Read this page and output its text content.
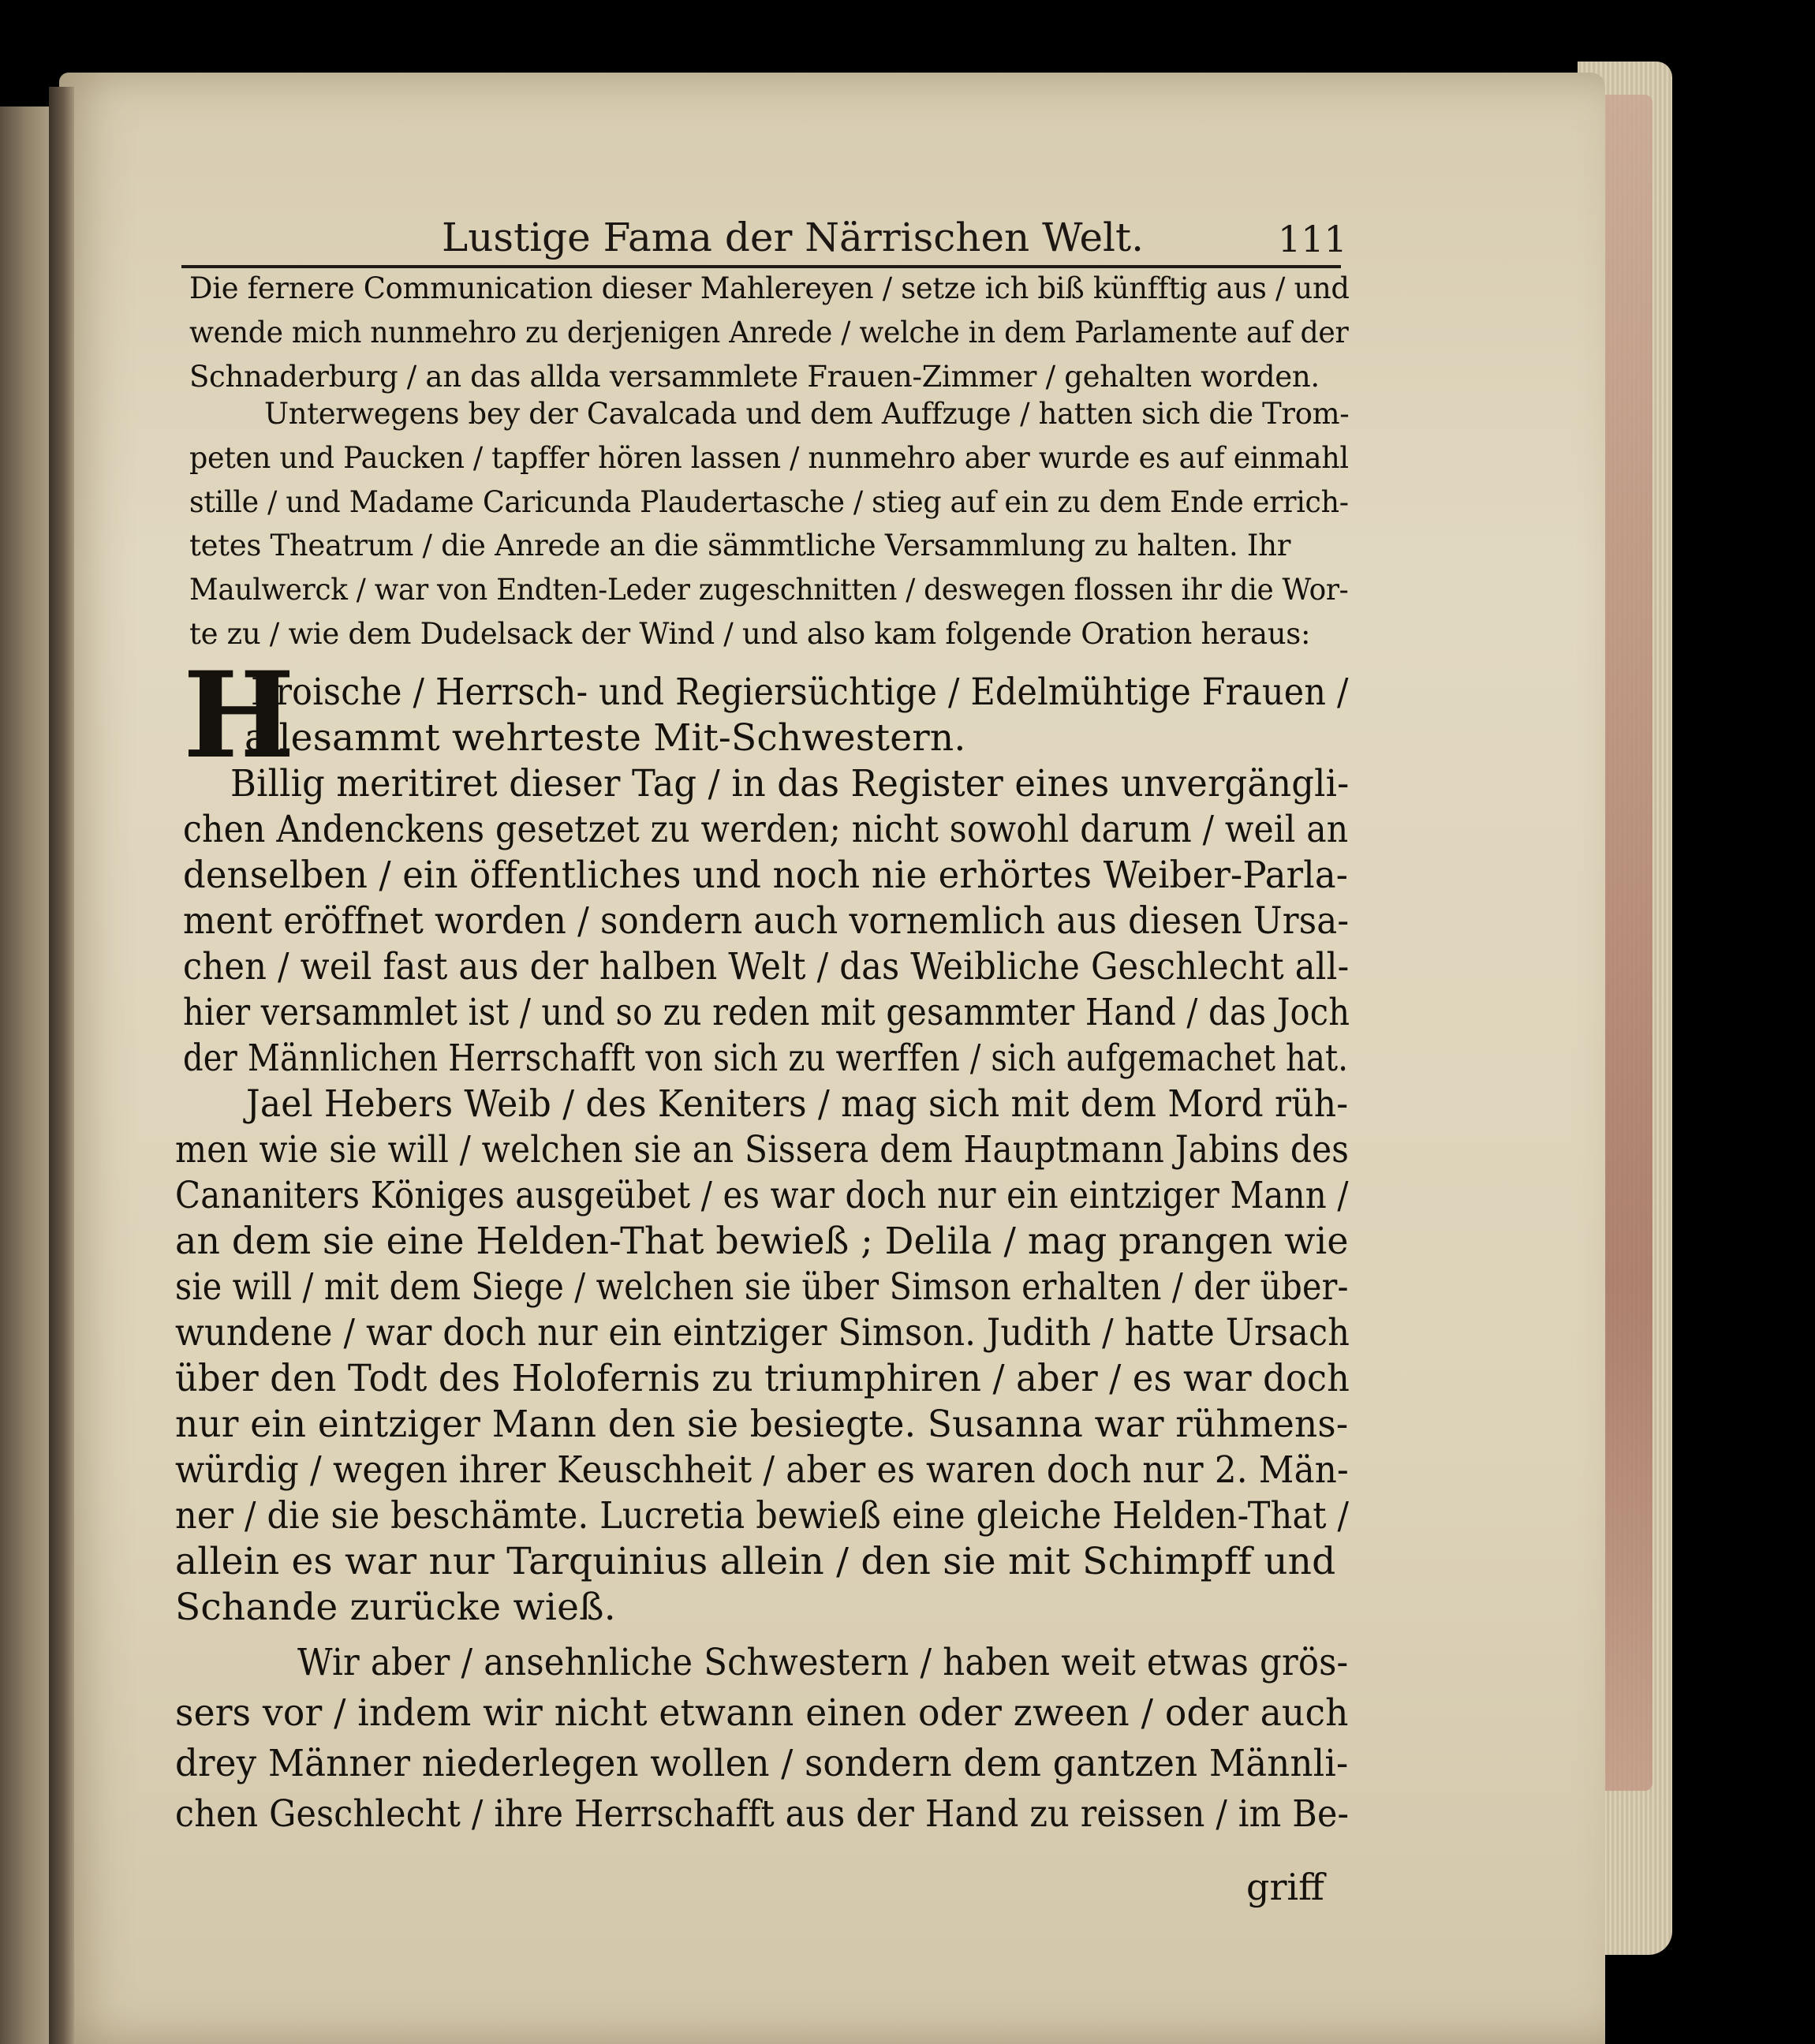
Lustige Fama der Närrischen Welt.	111
Die fernere Communication dieser Mahlereyen / setze ich biß künfftig aus / und
wende mich nunmehro zu derjenigen Anrede / welche in dem Parlamente auf der
Schnaderburg / an das allda versammlete Frauen-Zimmer / gehalten worden.
Unterwegens bey der Cavalcada und dem Auffzuge / hatten sich die Trom-
peten und Paucken / tapffer hören lassen / nunmehro aber wurde es auf einmahl
stille / und Madame Caricunda Plaudertasche / stieg auf ein zu dem Ende errich-
tetes Theatrum / die Anrede an die sämmtliche Versammlung zu halten. Ihr
Maulwerck / war von Endten-Leder zugeschnitten / deswegen flossen ihr die Wor-
te zu / wie dem Dudelsack der Wind / und also kam folgende Oration heraus:
H
Eroische / Herrsch- und Regiersüchtige / Edelmühtige Frauen /
allesammt wehrteste Mit-Schwestern.
Billig meritiret dieser Tag / in das Register eines unvergängli-
chen Andenckens gesetzet zu werden; nicht sowohl darum / weil an
denselben / ein öffentliches und noch nie erhörtes Weiber-Parla-
ment eröffnet worden / sondern auch vornemlich aus diesen Ursa-
chen / weil fast aus der halben Welt / das Weibliche Geschlecht all-
hier versammlet ist / und so zu reden mit gesammter Hand / das Joch
der Männlichen Herrschafft von sich zu werffen / sich aufgemachet hat.
Jael Hebers Weib / des Keniters / mag sich mit dem Mord rüh-
men wie sie will / welchen sie an Sissera dem Hauptmann Jabins des
Cananiters Königes ausgeübet / es war doch nur ein eintziger Mann /
an dem sie eine Helden-That bewieß ; Delila / mag prangen wie
sie will / mit dem Siege / welchen sie über Simson erhalten / der über-
wundene / war doch nur ein eintziger Simson. Judith / hatte Ursach
über den Todt des Holofernis zu triumphiren / aber / es war doch
nur ein eintziger Mann den sie besiegte. Susanna war rühmens-
würdig / wegen ihrer Keuschheit / aber es waren doch nur 2. Män-
ner / die sie beschämte. Lucretia bewieß eine gleiche Helden-That /
allein es war nur Tarquinius allein / den sie mit Schimpff und
Schande zurücke wieß.
Wir aber / ansehnliche Schwestern / haben weit etwas grös-
sers vor / indem wir nicht etwann einen oder zween / oder auch
drey Männer niederlegen wollen / sondern dem gantzen Männli-
chen Geschlecht / ihre Herrschafft aus der Hand zu reissen / im Be-
griff
